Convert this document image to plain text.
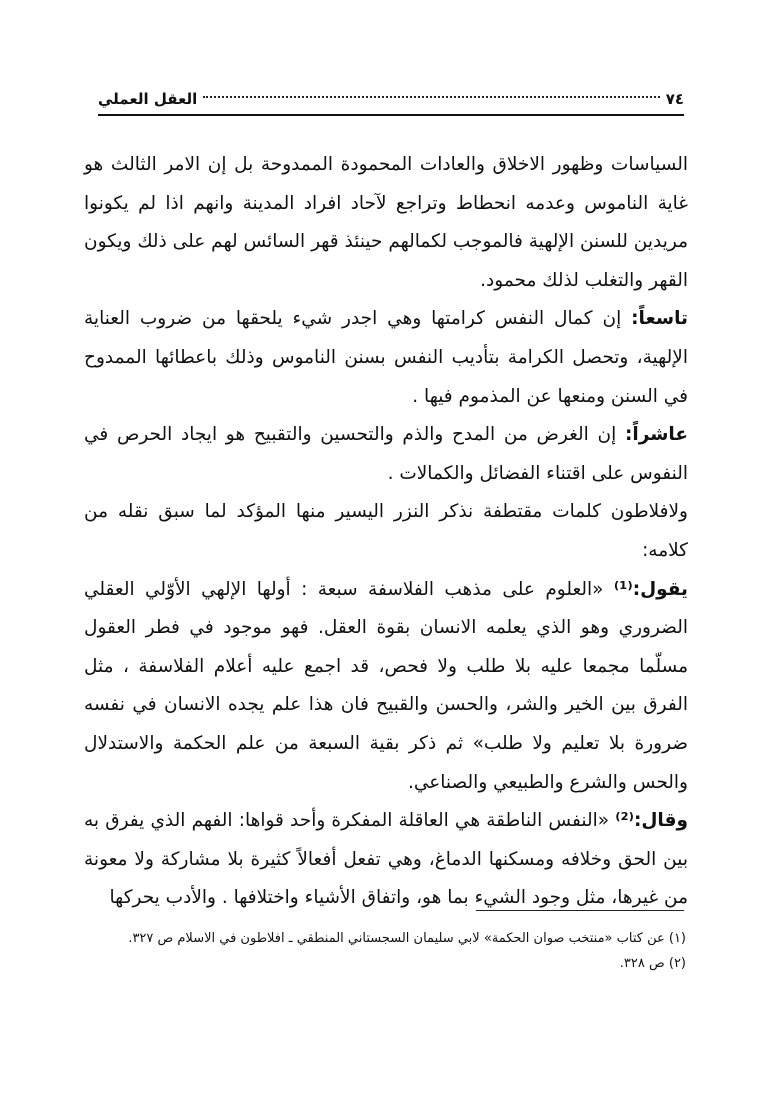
٧٤
العقل العملي

السياسات وظهور الاخلاق والعادات المحمودة الممدوحة بل إن الامر الثالث هو غاية الناموس وعدمه انحطاط وتراجع لآحاد افراد المدينة وانهم اذا لم يكونوا مريدين للسنن الإلهية فالموجب لكمالهم حينئذ قهر السائس لهم على ذلك ويكون القهر والتغلب لذلك محمود.

تاسعاً: إن كمال النفس كرامتها وهي اجدر شيء يلحقها من ضروب العناية الإلهية، وتحصل الكرامة بتأديب النفس بسنن الناموس وذلك باعطائها الممدوح في السنن ومنعها عن المذموم فيها .

عاشراً: إن الغرض من المدح والذم والتحسين والتقبيح هو ايجاد الحرص في النفوس على اقتناء الفضائل والكمالات .

ولافلاطون كلمات مقتطفة نذكر النزر اليسير منها المؤكد لما سبق نقله من كلامه:

يقول:⁽¹⁾ «العلوم على مذهب الفلاسفة سبعة : أولها الإلهي الأوّلي العقلي الضروري وهو الذي يعلمه الانسان بقوة العقل. فهو موجود في فطر العقول مسلّما مجمعا عليه بلا طلب ولا فحص، قد اجمع عليه أعلام الفلاسفة ، مثل الفرق بين الخير والشر، والحسن والقبيح فان هذا علم يجده الانسان في نفسه ضرورة بلا تعليم ولا طلب» ثم ذكر بقية السبعة من علم الحكمة والاستدلال والحس والشرع والطبيعي والصناعي.

وقال:⁽²⁾ «النفس الناطقة هي العاقلة المفكرة وأحد قواها: الفهم الذي يفرق به بين الحق وخلافه ومسكنها الدماغ، وهي تفعل أفعالاً كثيرة بلا مشاركة ولا معونة من غيرها، مثل وجود الشيء بما هو، واتفاق الأشياء واختلافها . والأدب يحركها

(١) عن كتاب «منتخب صوان الحكمة» لابي سليمان السجستاني المنطقي ـ افلاطون في الاسلام ص ٣٢٧.

(٢) ص ٣٢٨.
